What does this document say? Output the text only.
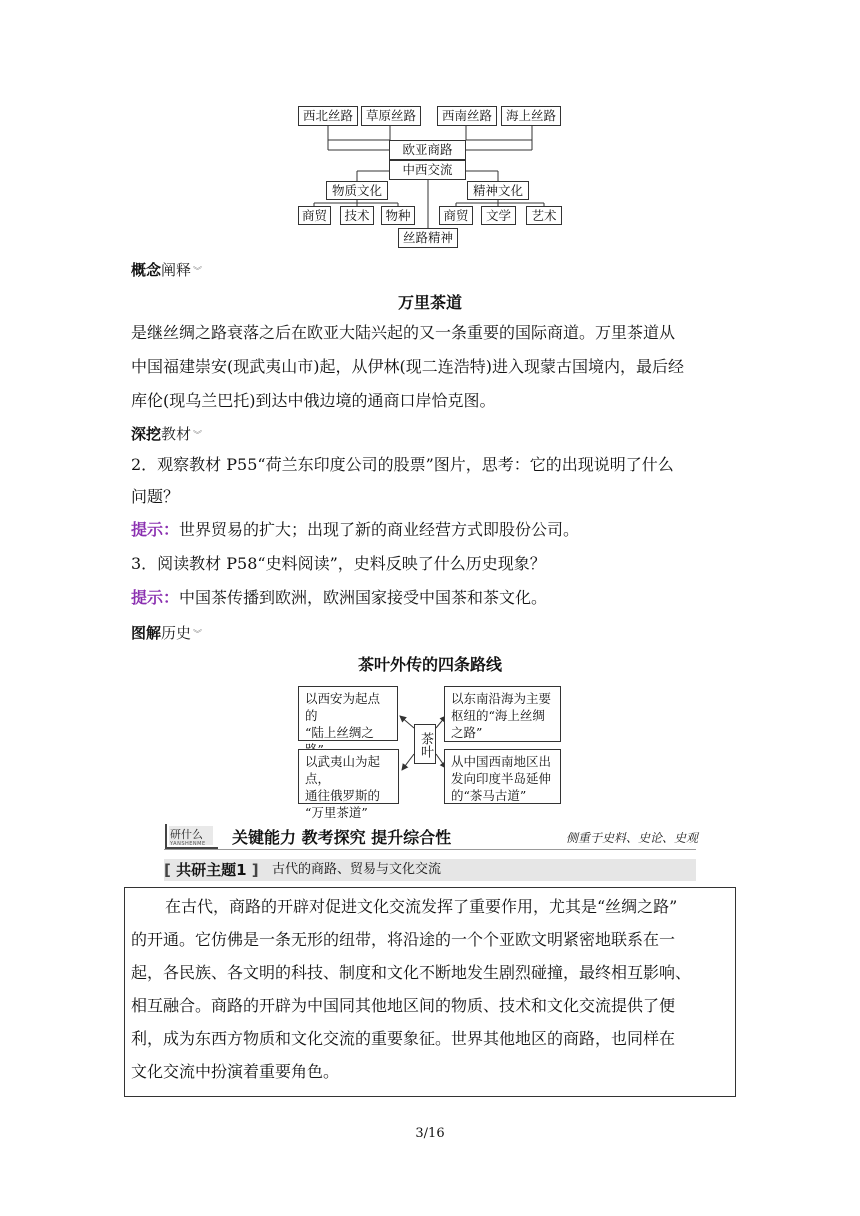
西北丝路	草原丝路	西南丝路	海上丝路
欧亚商路
中西交流
物质文化	精神文化
商贸	技术	物种	商贸	文学	艺术
丝路精神
概念阐释 ︾
万里茶道
是继丝绸之路衰落之后在欧亚大陆兴起的又一条重要的国际商道。万里茶道从
中国福建崇安(现武夷山市)起，从伊林(现二连浩特)进入现蒙古国境内，最后经
库伦(现乌兰巴托)到达中俄边境的通商口岸恰克图。
深挖教材 ︾
2．观察教材 P55“荷兰东印度公司的股票”图片，思考：它的出现说明了什么
问题？
提示：世界贸易的扩大；出现了新的商业经营方式即股份公司。
3．阅读教材 P58“史料阅读”，史料反映了什么历史现象？
提示：中国茶传播到欧洲，欧洲国家接受中国茶和茶文化。
图解历史 ︾
茶叶外传的四条路线
以西安为起点的
“陆上丝绸之
以东南沿海为主要
枢纽的“海上丝绸
之路”
以武夷山为起点，
通往俄罗斯的
“万里茶道”
从中国西南地区出
发向印度半岛延伸
的“茶马古道”
茶叶
研什么
YANSHENME 关键能力 教考探究 提升综合性	侧重于史料、史论、史观
[ 共研主题1 ] 古代的商路、贸易与文化交流
在古代，商路的开辟对促进文化交流发挥了重要作用，尤其是“丝绸之路”
的开通。它仿佛是一条无形的纽带，将沿途的一个个亚欧文明紧密地联系在一
起，各民族、各文明的科技、制度和文化不断地发生剧烈碰撞，最终相互影响、
相互融合。商路的开辟为中国同其他地区间的物质、技术和文化交流提供了便
利，成为东西方物质和文化交流的重要象征。世界其他地区的商路，也同样在
文化交流中扮演着重要角色。
3/16
